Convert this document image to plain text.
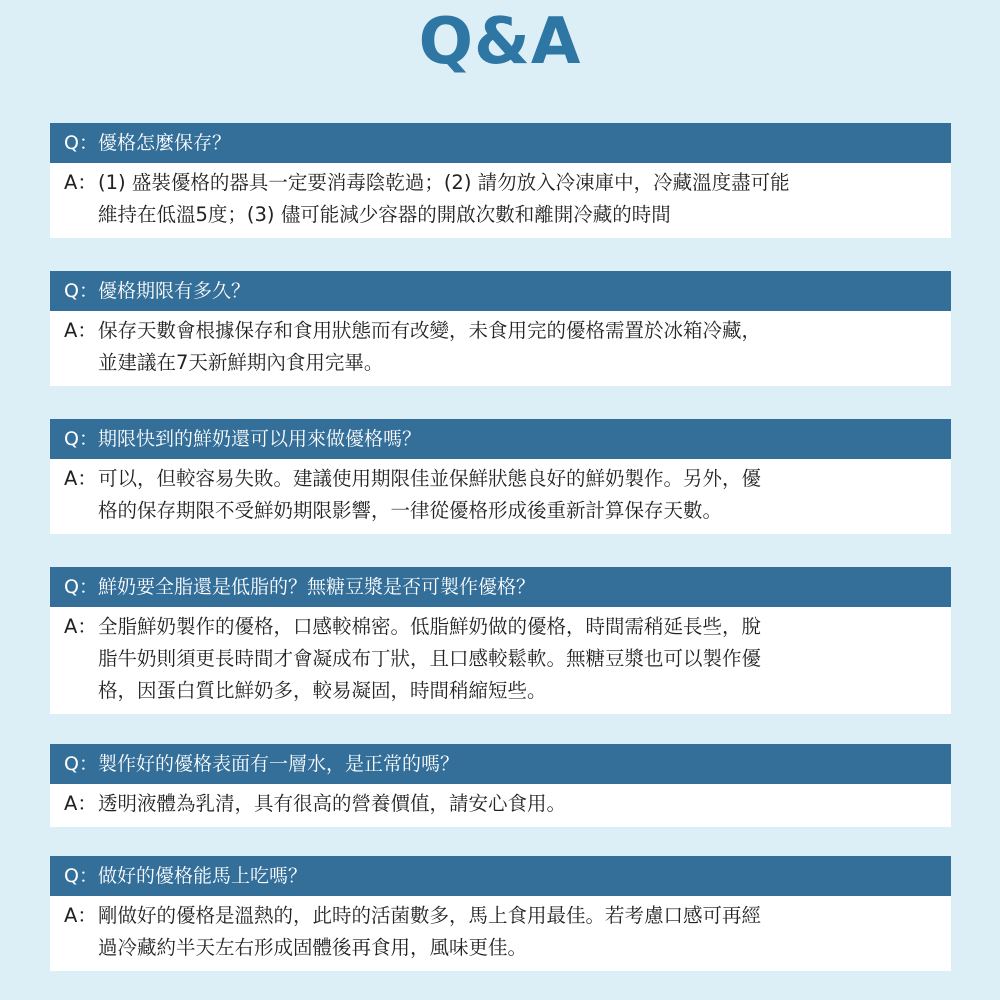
Q&A
Q：優格怎麼保存？
A： (1) 盛裝優格的器具一定要消毒陰乾過；(2) 請勿放入冷凍庫中，冷藏溫度盡可能
維持在低溫5度；(3) 儘可能減少容器的開啟次數和離開冷藏的時間
Q：優格期限有多久？
A： 保存天數會根據保存和食用狀態而有改變，未食用完的優格需置於冰箱冷藏，
並建議在7天新鮮期內食用完畢。
Q：期限快到的鮮奶還可以用來做優格嗎？
A： 可以，但較容易失敗。建議使用期限佳並保鮮狀態良好的鮮奶製作。另外，優
格的保存期限不受鮮奶期限影響，一律從優格形成後重新計算保存天數。
Q：鮮奶要全脂還是低脂的？無糖豆漿是否可製作優格？
A： 全脂鮮奶製作的優格，口感較棉密。低脂鮮奶做的優格，時間需稍延長些，脫
脂牛奶則須更長時間才會凝成布丁狀，且口感較鬆軟。無糖豆漿也可以製作優
格，因蛋白質比鮮奶多，較易凝固，時間稍縮短些。
Q：製作好的優格表面有一層水，是正常的嗎？
A： 透明液體為乳清，具有很高的營養價值，請安心食用。
Q：做好的優格能馬上吃嗎？
A： 剛做好的優格是溫熱的，此時的活菌數多，馬上食用最佳。若考慮口感可再經
過冷藏約半天左右形成固體後再食用，風味更佳。
